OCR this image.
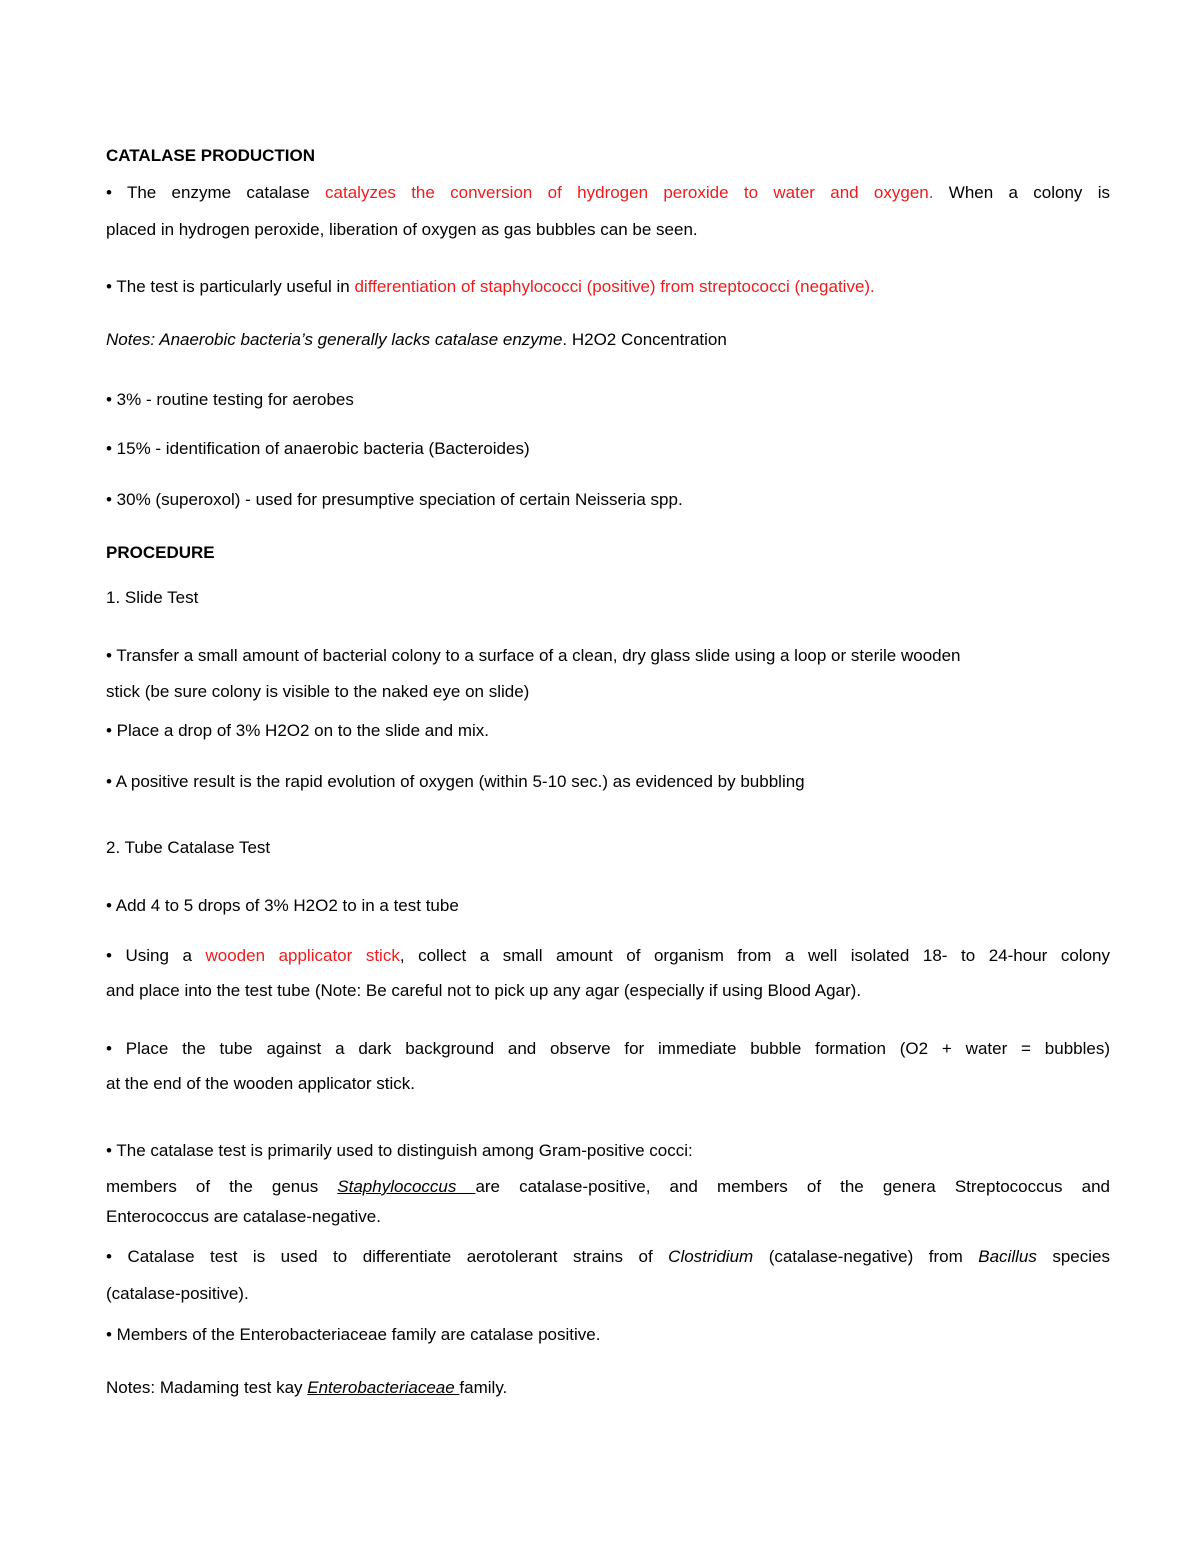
CATALASE PRODUCTION

• The enzyme catalase catalyzes the conversion of hydrogen peroxide to water and oxygen. When a colony is

placed in hydrogen peroxide, liberation of oxygen as gas bubbles can be seen.

• The test is particularly useful in differentiation of staphylococci (positive) from streptococci (negative).

Notes: Anaerobic bacteria’s generally lacks catalase enzyme. H2O2 Concentration

• 3% - routine testing for aerobes

• 15% - identification of anaerobic bacteria (Bacteroides)

• 30% (superoxol) - used for presumptive speciation of certain Neisseria spp.

PROCEDURE

1. Slide Test

• Transfer a small amount of bacterial colony to a surface of a clean, dry glass slide using a loop or sterile wooden

stick (be sure colony is visible to the naked eye on slide)

• Place a drop of 3% H2O2 on to the slide and mix.

• A positive result is the rapid evolution of oxygen (within 5-10 sec.) as evidenced by bubbling

2. Tube Catalase Test

• Add 4 to 5 drops of 3% H2O2 to in a test tube

• Using a wooden applicator stick, collect a small amount of organism from a well isolated 18- to 24-hour colony

and place into the test tube (Note: Be careful not to pick up any agar (especially if using Blood Agar).

• Place the tube against a dark background and observe for immediate bubble formation (O2 + water = bubbles)

at the end of the wooden applicator stick.

• The catalase test is primarily used to distinguish among Gram-positive cocci:

members of the genus Staphylococcus are catalase-positive, and members of the genera Streptococcus and

Enterococcus are catalase-negative.

• Catalase test is used to differentiate aerotolerant strains of Clostridium (catalase-negative) from Bacillus species

(catalase-positive).

• Members of the Enterobacteriaceae family are catalase positive.

Notes: Madaming test kay Enterobacteriaceae family.
